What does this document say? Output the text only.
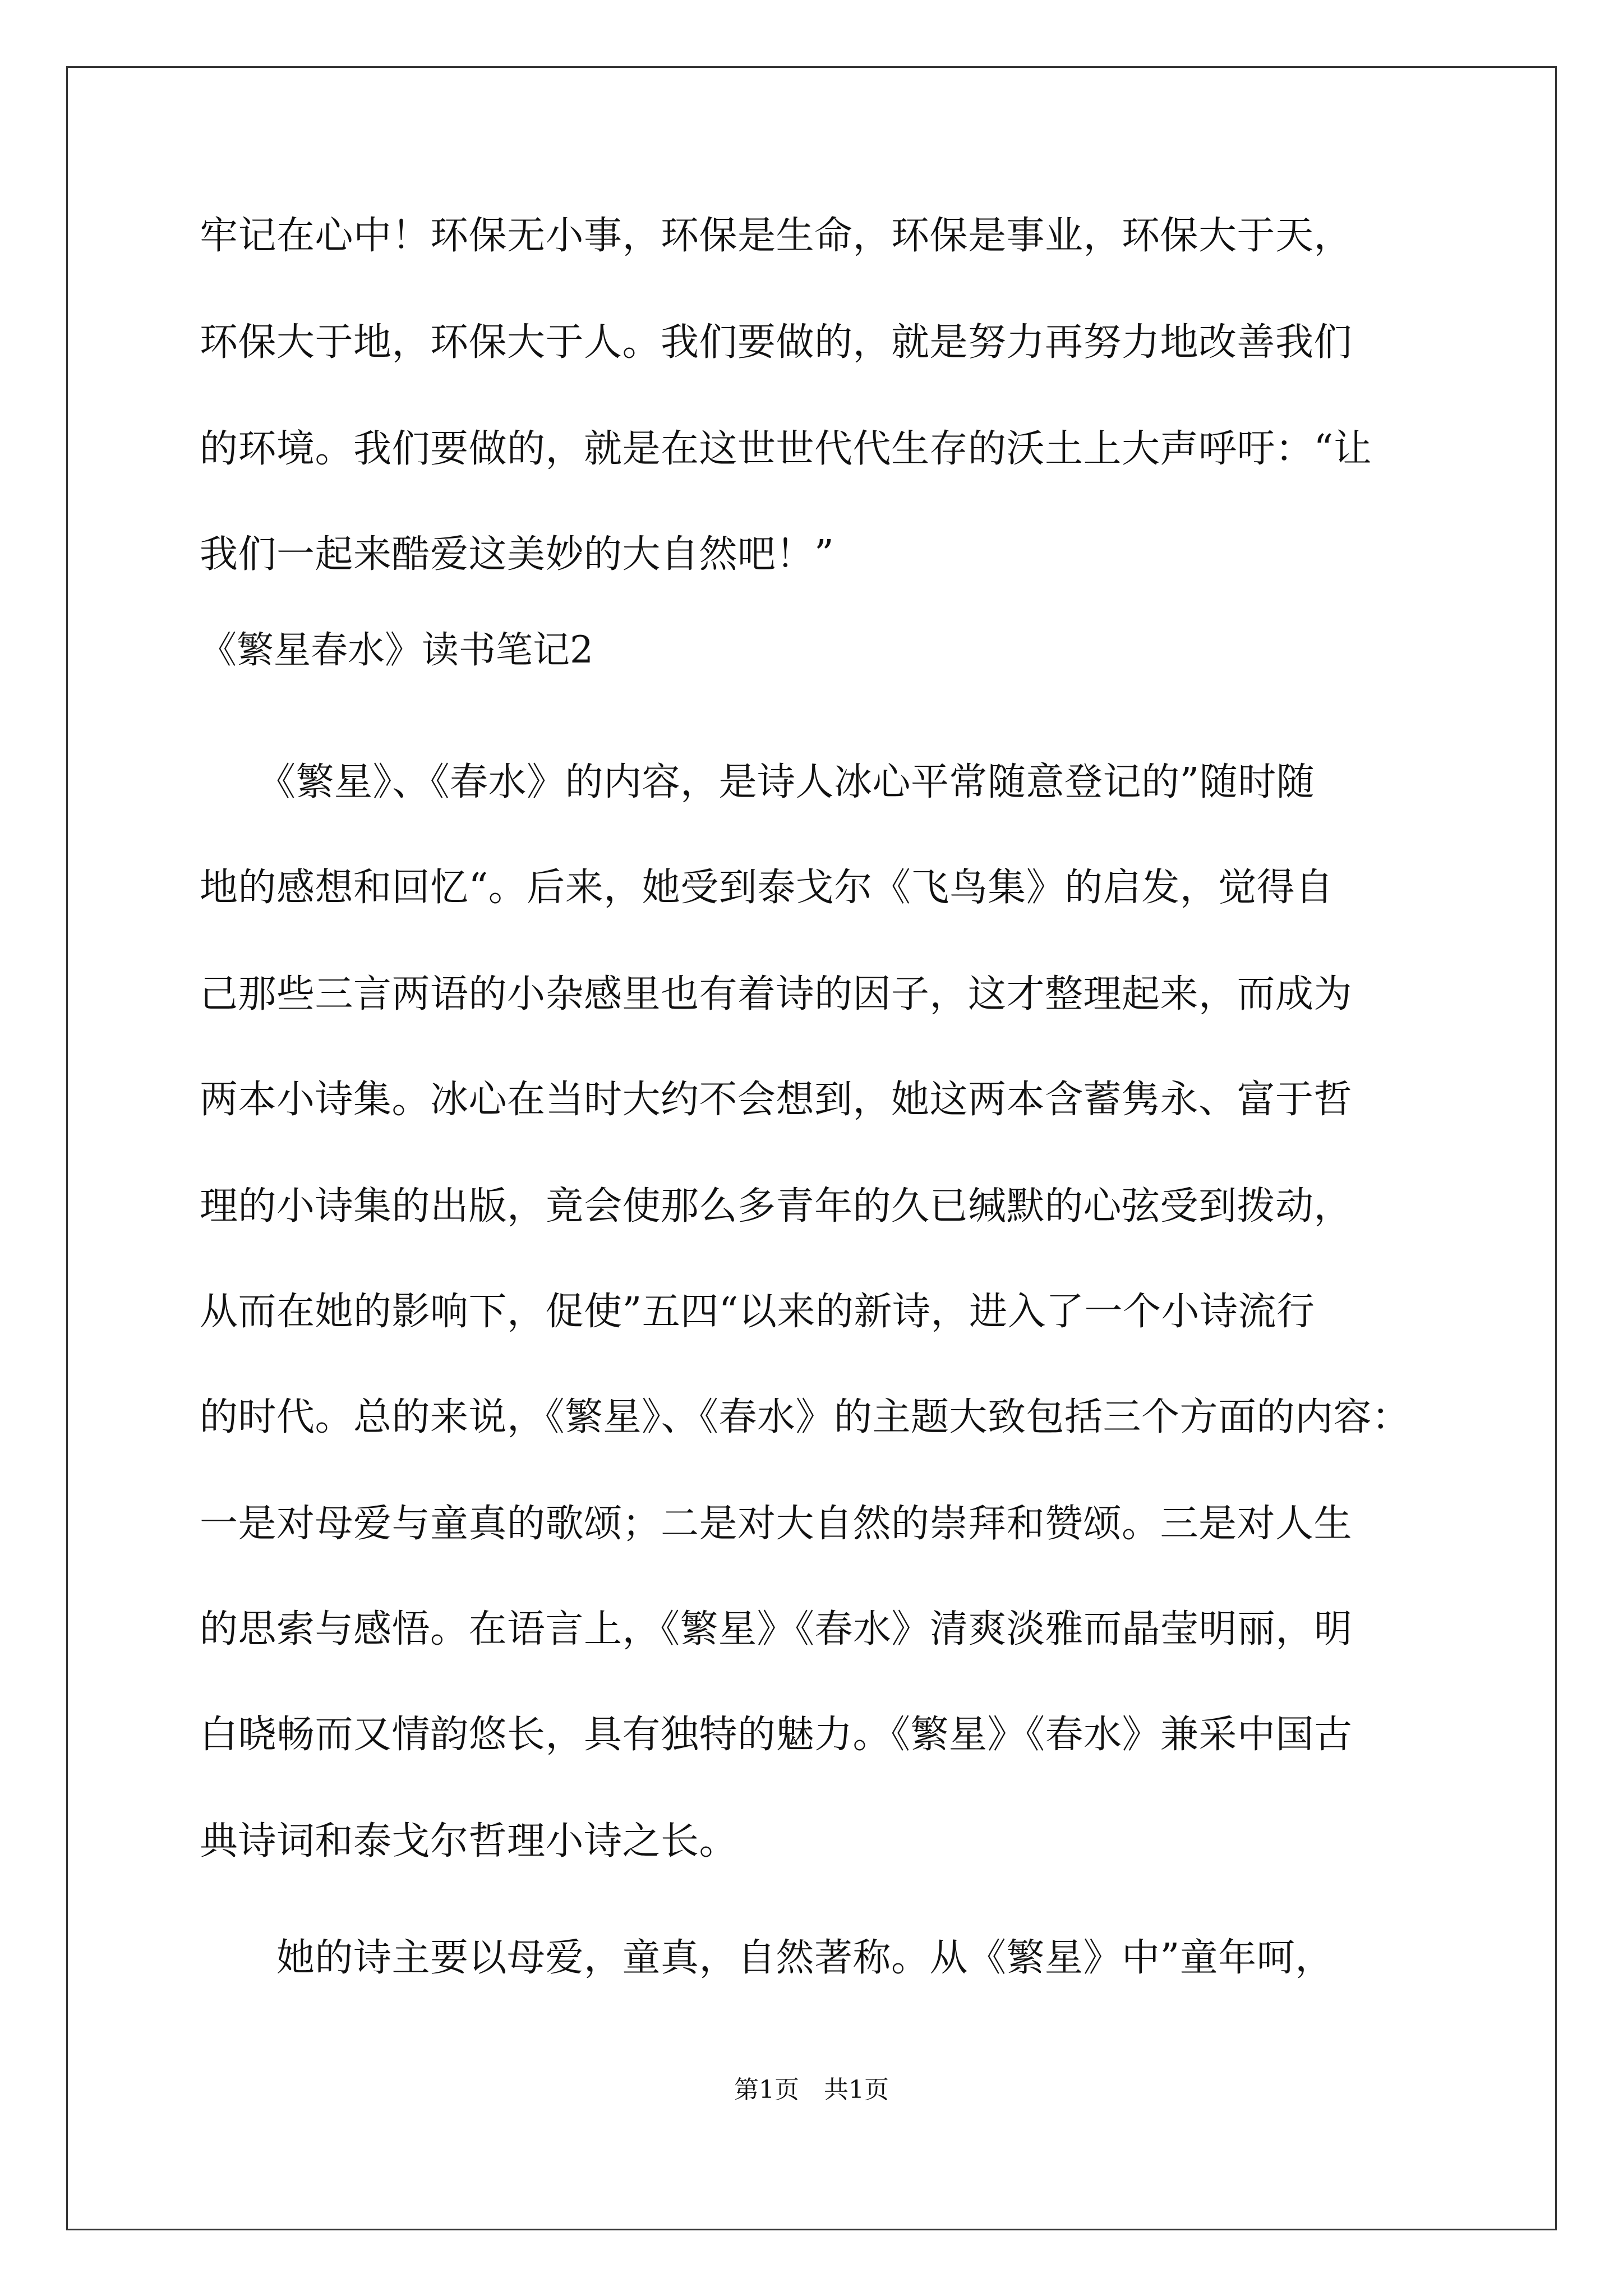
牢记在心中！环保无小事，环保是生命，环保是事业，环保大于天，

环保大于地，环保大于人。我们要做的，就是努力再努力地改善我们

的环境。我们要做的，就是在这世世代代生存的沃土上大声呼吁：“让

我们一起来酷爱这美妙的大自然吧！”

《繁星春水》读书笔记2

　　《繁星》、《春水》的内容，是诗人冰心平常随意登记的”随时随

地的感想和回忆“。后来，她受到泰戈尔《飞鸟集》的启发，觉得自

己那些三言两语的小杂感里也有着诗的因子，这才整理起来，而成为

两本小诗集。冰心在当时大约不会想到，她这两本含蓄隽永、富于哲

理的小诗集的出版，竟会使那么多青年的久已缄默的心弦受到拨动，

从而在她的影响下，促使”五四“以来的新诗，进入了一个小诗流行

的时代。总的来说，《繁星》、《春水》的主题大致包括三个方面的内容：

一是对母爱与童真的歌颂；二是对大自然的崇拜和赞颂。三是对人生

的思索与感悟。在语言上，《繁星》《春水》清爽淡雅而晶莹明丽，明

白晓畅而又情韵悠长，具有独特的魅力。《繁星》《春水》兼采中国古

典诗词和泰戈尔哲理小诗之长。

　　她的诗主要以母爱，童真，自然著称。从《繁星》中”童年呵，

第1页　共1页
